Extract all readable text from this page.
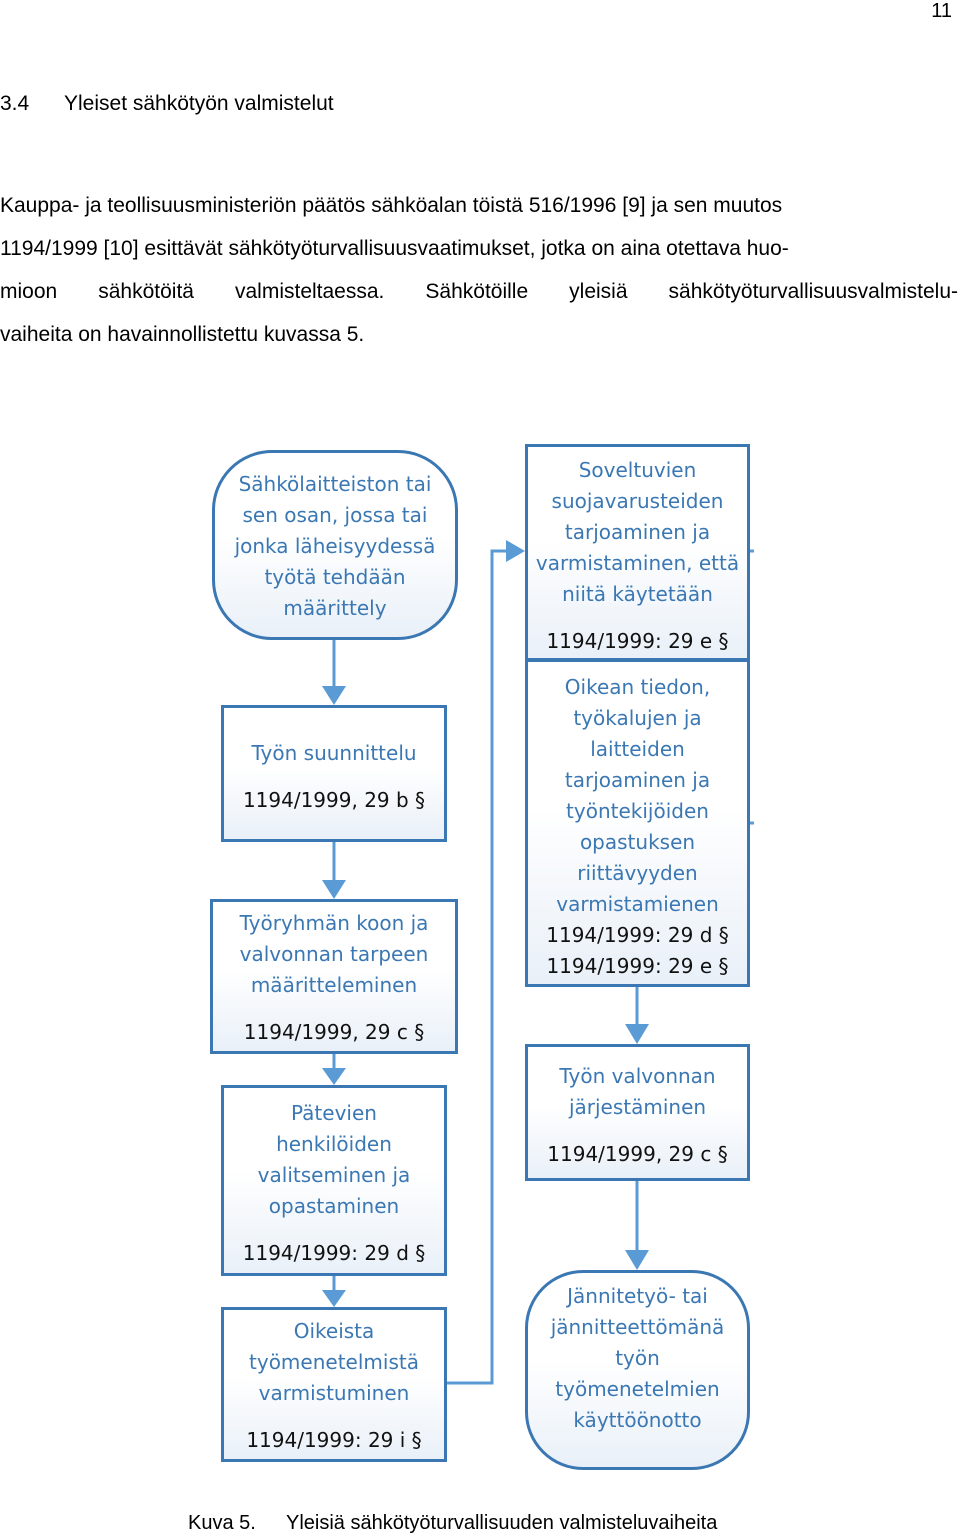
11
3.4 Yleiset sähkötyön valmistelut
Kauppa- ja teollisuusministeriön päätös sähköalan töistä 516/1996 [9] ja sen muutos
1194/1999 [10] esittävät sähkötyöturvallisuusvaatimukset, jotka on aina otettava huo-
mioon sähkötöitä valmisteltaessa. Sähkötöille yleisiä sähkötyöturvallisuusvalmistelu-
vaiheita on havainnollistettu kuvassa 5.
Sähkölaitteiston tai
sen osan, jossa tai
jonka läheisyydessä
työtä tehdään
määrittely
Työn suunnittelu
1194/1999, 29 b §
Työryhmän koon ja
valvonnan tarpeen
määritteleminen
1194/1999, 29 c §
Pätevien
henkilöiden
valitseminen ja
opastaminen
1194/1999: 29 d §
Oikeista
työmenetelmistä
varmistuminen
1194/1999: 29 i §
Soveltuvien
suojavarusteiden
tarjoaminen ja
varmistaminen, että
niitä käytetään
1194/1999: 29 e §
Oikean tiedon,
työkalujen ja
laitteiden
tarjoaminen ja
työntekijöiden
opastuksen
riittävyyden
varmistamienen
1194/1999: 29 d §
1194/1999: 29 e §
Työn valvonnan
järjestäminen
1194/1999, 29 c §
Jännitetyö- tai
jännitteettömänä
työn
työmenetelmien
käyttöönotto
Kuva 5. Yleisiä sähkötyöturvallisuuden valmisteluvaiheita
